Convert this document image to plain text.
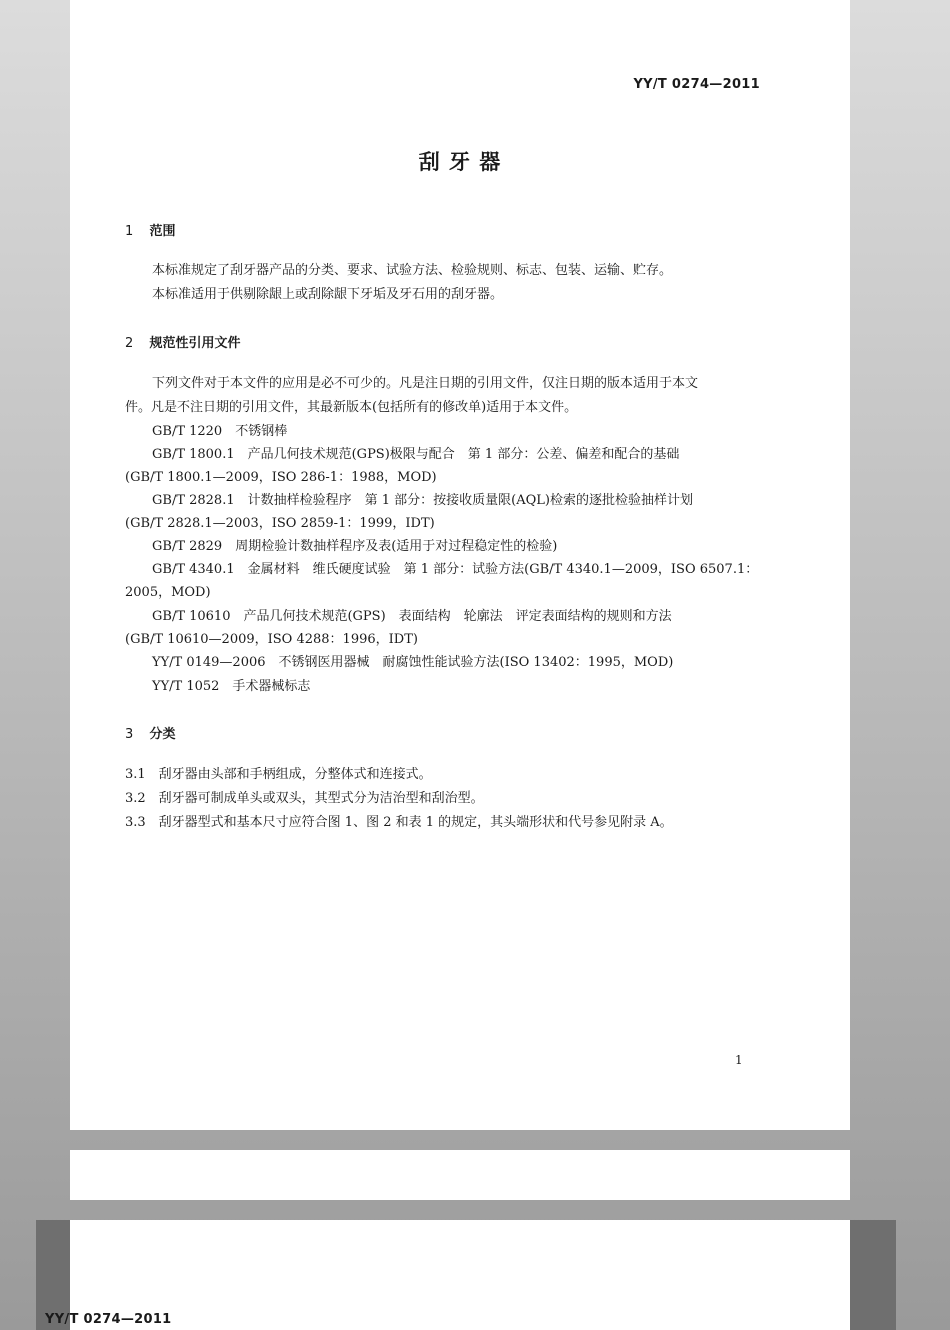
YY/T 0274—2011
刮 牙 器
1 范围
本标准规定了刮牙器产品的分类、要求、试验方法、检验规则、标志、包装、运输、贮存。
本标准适用于供剔除龈上或刮除龈下牙垢及牙石用的刮牙器。
2 规范性引用文件
下列文件对于本文件的应用是必不可少的。凡是注日期的引用文件，仅注日期的版本适用于本文
件。凡是不注日期的引用文件，其最新版本(包括所有的修改单)适用于本文件。
GB/T 1220　不锈钢棒
GB/T 1800.1　产品几何技术规范(GPS)极限与配合　第 1 部分：公差、偏差和配合的基础
(GB/T 1800.1—2009，ISO 286-1：1988，MOD)
GB/T 2828.1　计数抽样检验程序　第 1 部分：按接收质量限(AQL)检索的逐批检验抽样计划
(GB/T 2828.1—2003，ISO 2859-1：1999，IDT)
GB/T 2829　周期检验计数抽样程序及表(适用于对过程稳定性的检验)
GB/T 4340.1　金属材料　维氏硬度试验　第 1 部分：试验方法(GB/T 4340.1—2009，ISO 6507.1：
2005，MOD)
GB/T 10610　产品几何技术规范(GPS)　表面结构　轮廓法　评定表面结构的规则和方法
(GB/T 10610—2009，ISO 4288：1996，IDT)
YY/T 0149—2006　不锈钢医用器械　耐腐蚀性能试验方法(ISO 13402：1995，MOD)
YY/T 1052　手术器械标志
3 分类
3.1　刮牙器由头部和手柄组成，分整体式和连接式。
3.2　刮牙器可制成单头或双头，其型式分为洁治型和刮治型。
3.3　刮牙器型式和基本尺寸应符合图 1、图 2 和表 1 的规定，其头端形状和代号参见附录 A。
1
YY/T 0274—2011
